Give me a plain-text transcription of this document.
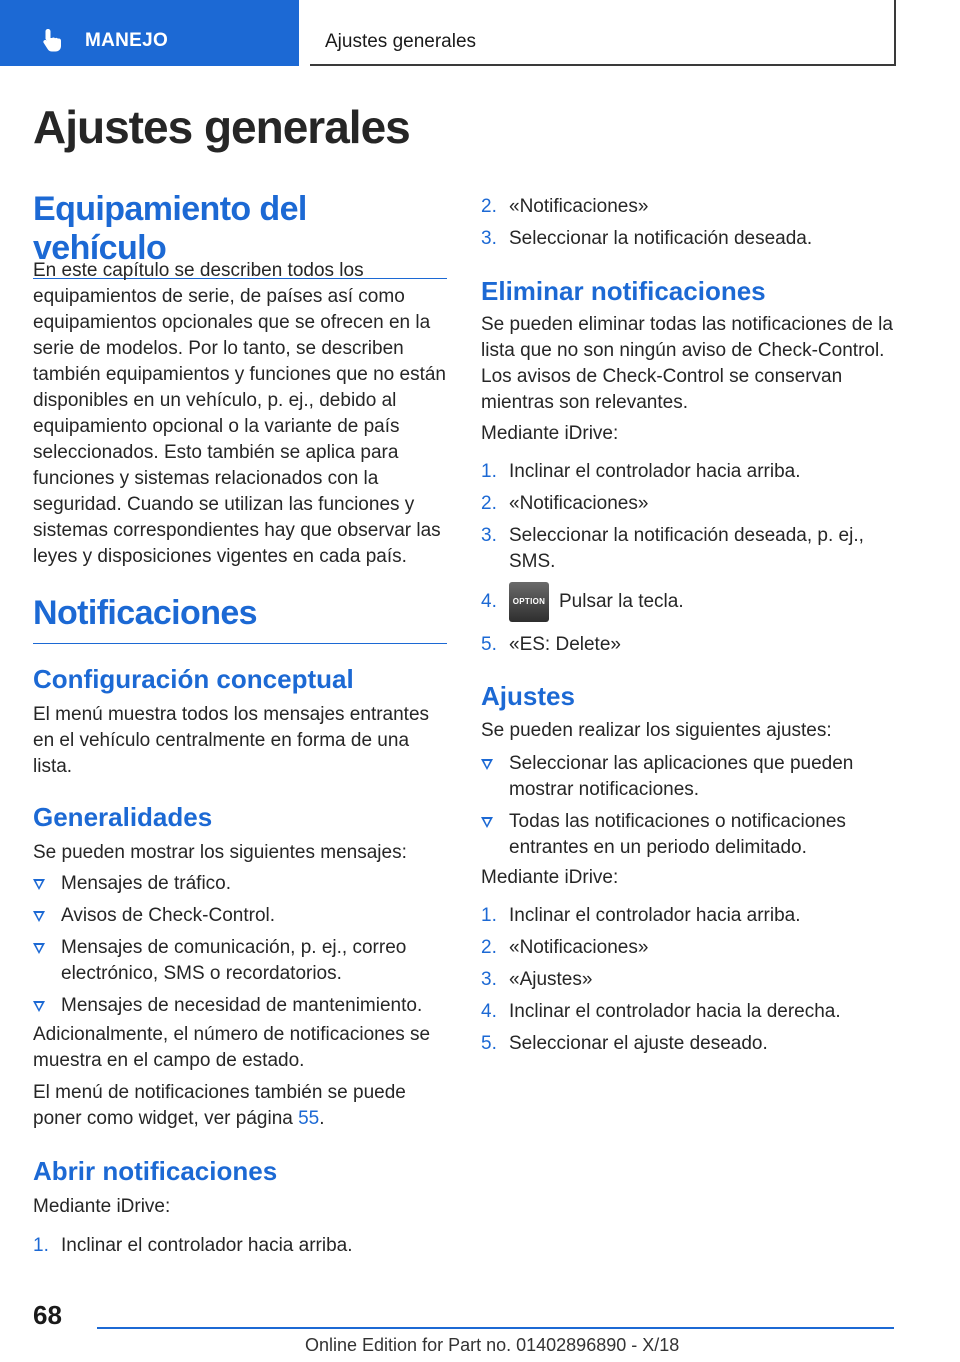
MANEJO	Ajustes generales
Ajustes generales
Equipamiento del vehículo

En este capítulo se describen todos los equipamientos de serie, de países así como equipamientos opcionales que se ofrecen en la serie de modelos. Por lo tanto, se describen también equipamientos y funciones que no están disponibles en un vehículo, p. ej., debido al equipamiento opcional o la variante de país seleccionados. Esto también se aplica para funciones y sistemas relacionados con la seguridad. Cuando se utilizan las funciones y sistemas correspondientes hay que observar las leyes y disposiciones vigentes en cada país.

Notificaciones
Configuración conceptual

El menú muestra todos los mensajes entrantes en el vehículo centralmente en forma de una lista.

Generalidades

Se pueden mostrar los siguientes mensajes:

Mensajes de tráfico.
Avisos de Check-Control.
Mensajes de comunicación, p. ej., correo electrónico, SMS o recordatorios.
Mensajes de necesidad de mantenimiento.

Adicionalmente, el número de notificaciones se muestra en el campo de estado.

El menú de notificaciones también se puede poner como widget, ver página 55.

Abrir notificaciones

Mediante iDrive:

1. Inclinar el controlador hacia arriba.
2. «Notificaciones»
3. Seleccionar la notificación deseada.
Eliminar notificaciones

Se pueden eliminar todas las notificaciones de la lista que no son ningún aviso de Check-Control. Los avisos de Check-Control se conservan mientras son relevantes.

Mediante iDrive:

1. Inclinar el controlador hacia arriba.
2. «Notificaciones»
3. Seleccionar la notificación deseada, p. ej., SMS.
4. OPTION Pulsar la tecla.
5. «ES: Delete»
Ajustes

Se pueden realizar los siguientes ajustes:

Seleccionar las aplicaciones que pueden mostrar notificaciones.
Todas las notificaciones o notificaciones entrantes en un periodo delimitado.

Mediante iDrive:

1. Inclinar el controlador hacia arriba.
2. «Notificaciones»
3. «Ajustes»
4. Inclinar el controlador hacia la derecha.
5. Seleccionar el ajuste deseado.
68
Online Edition for Part no. 01402896890 - X/18
